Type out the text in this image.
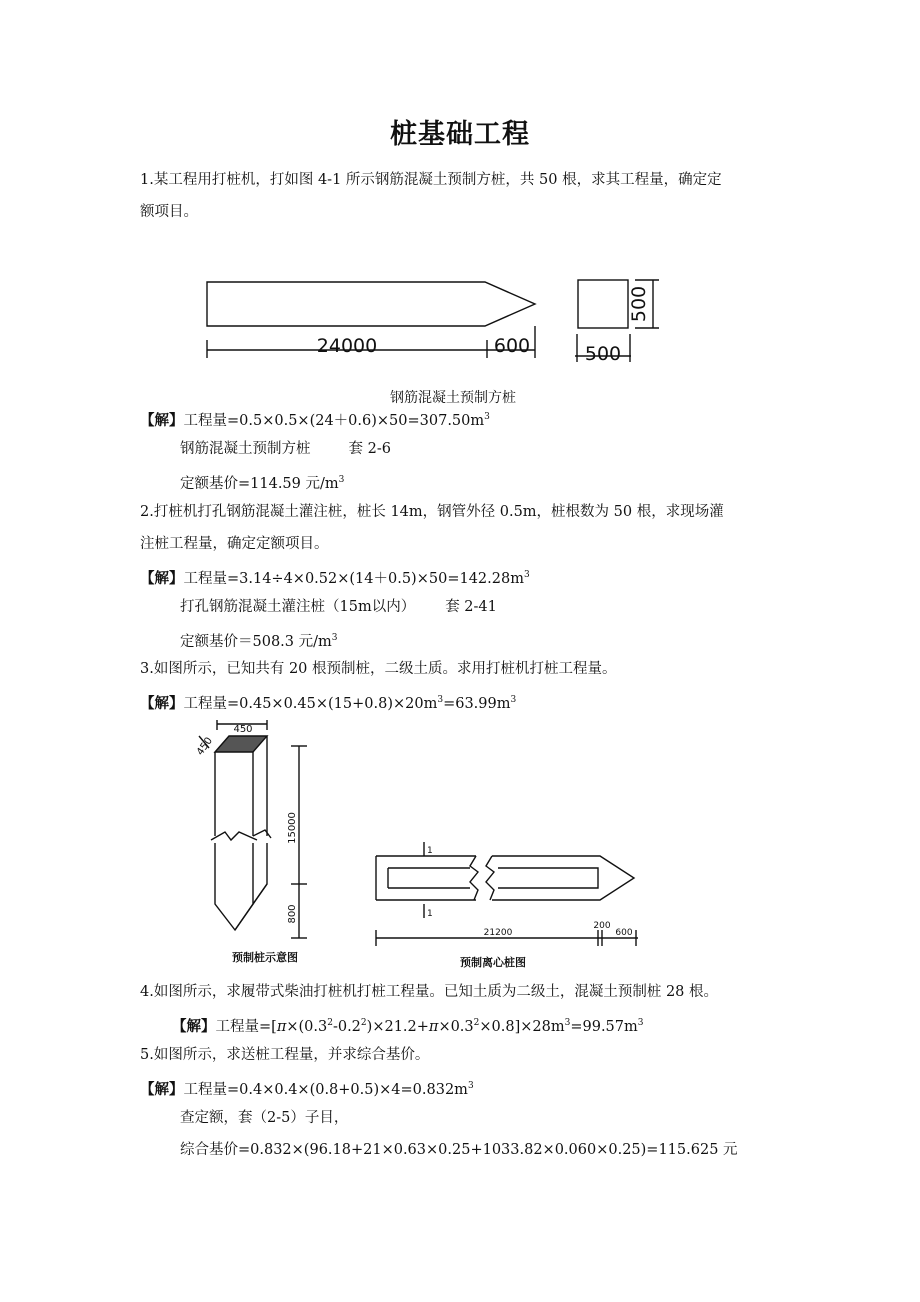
桩基础工程
1.某工程用打桩机，打如图 4-1 所示钢筋混凝土预制方桩，共 50 根，求其工程量，确定定
额项目。
24000	600	500
500
钢筋混凝土预制方桩
【解】工程量$=0.5\times 0.5\times(24+0.6)\times 50=307.50m^3$
钢筋混凝土预制方桩	套 2-6
定额基价=114.59 元$/m^3$
2.打桩机打孔钢筋混凝土灌注桩，桩长 14m，钢管外径 0.5m，桩根数为 50 根，求现场灌
注桩工程量，确定定额项目。
【解】工程量$=3.14\div 4\times 0.52\times(14+0.5)\times 50=142.28m^3$
打孔钢筋混凝土灌注桩（15m以内） 套 2-41
定额基价＝508.3 元$/m^3$
3.如图所示，已知共有 20 根预制桩，二级土质。求用打桩机打桩工程量。
【解】工程量$=0.45\times 0.45\times(15+0.8)\times 20m^3=63.99m^3$
450
450
15000
800
预制桩示意图
1
1
21200
200
600
预制离心桩图
4.如图所示，求履带式柴油打桩机打桩工程量。已知土质为二级土，混凝土预制桩 28 根。
【解】工程量$=[\pi\times(0.3^2-0.2^2)\times 21.2+\pi\times 0.3^2\times 0.8]\times 28m^3=99.57m^3$
5.如图所示，求送桩工程量，并求综合基价。
【解】工程量$=0.4\times 0.4\times(0.8+0.5)\times 4=0.832m^3$
查定额，套（2-5）子目，
综合基价=0.832×(96.18+21×0.63×0.25+1033.82×0.060×0.25)=115.625 元
